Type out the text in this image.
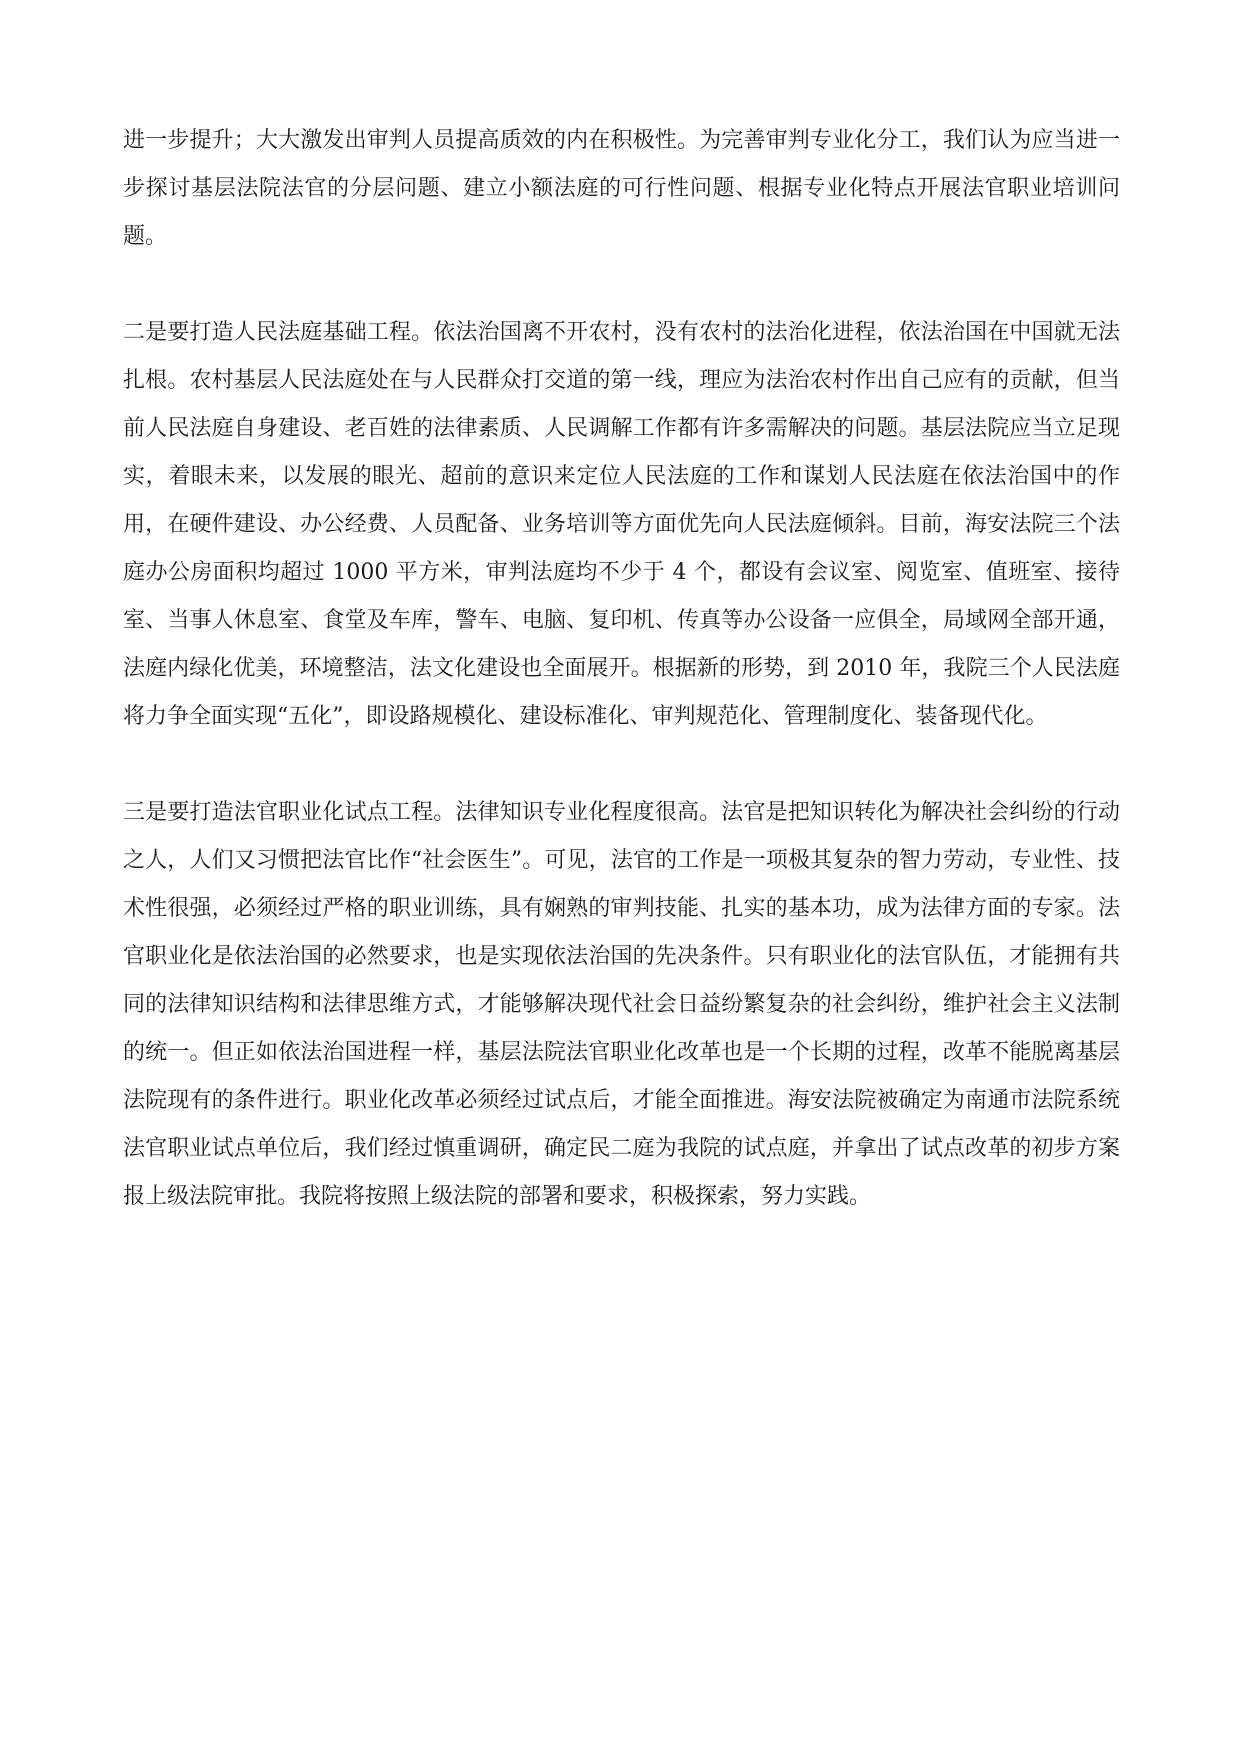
进一步提升；大大激发出审判人员提高质效的内在积极性。为完善审判专业化分工，我们认为应当进一步探讨基层法院法官的分层问题、建立小额法庭的可行性问题、根据专业化特点开展法官职业培训问题。

二是要打造人民法庭基础工程。依法治国离不开农村，没有农村的法治化进程，依法治国在中国就无法扎根。农村基层人民法庭处在与人民群众打交道的第一线，理应为法治农村作出自己应有的贡献，但当前人民法庭自身建设、老百姓的法律素质、人民调解工作都有许多需解决的问题。基层法院应当立足现实，着眼未来，以发展的眼光、超前的意识来定位人民法庭的工作和谋划人民法庭在依法治国中的作用，在硬件建设、办公经费、人员配备、业务培训等方面优先向人民法庭倾斜。目前，海安法院三个法庭办公房面积均超过 1000 平方米，审判法庭均不少于 4 个，都设有会议室、阅览室、值班室、接待室、当事人休息室、食堂及车库，警车、电脑、复印机、传真等办公设备一应俱全，局域网全部开通，法庭内绿化优美，环境整洁，法文化建设也全面展开。根据新的形势，到 2010 年，我院三个人民法庭将力争全面实现“五化”，即设路规模化、建设标准化、审判规范化、管理制度化、装备现代化。

三是要打造法官职业化试点工程。法律知识专业化程度很高。法官是把知识转化为解决社会纠纷的行动之人，人们又习惯把法官比作“社会医生”。可见，法官的工作是一项极其复杂的智力劳动，专业性、技术性很强，必须经过严格的职业训练，具有娴熟的审判技能、扎实的基本功，成为法律方面的专家。法官职业化是依法治国的必然要求，也是实现依法治国的先决条件。只有职业化的法官队伍，才能拥有共同的法律知识结构和法律思维方式，才能够解决现代社会日益纷繁复杂的社会纠纷，维护社会主义法制的统一。但正如依法治国进程一样，基层法院法官职业化改革也是一个长期的过程，改革不能脱离基层法院现有的条件进行。职业化改革必须经过试点后，才能全面推进。海安法院被确定为南通市法院系统法官职业试点单位后，我们经过慎重调研，确定民二庭为我院的试点庭，并拿出了试点改革的初步方案报上级法院审批。我院将按照上级法院的部署和要求，积极探索，努力实践。
